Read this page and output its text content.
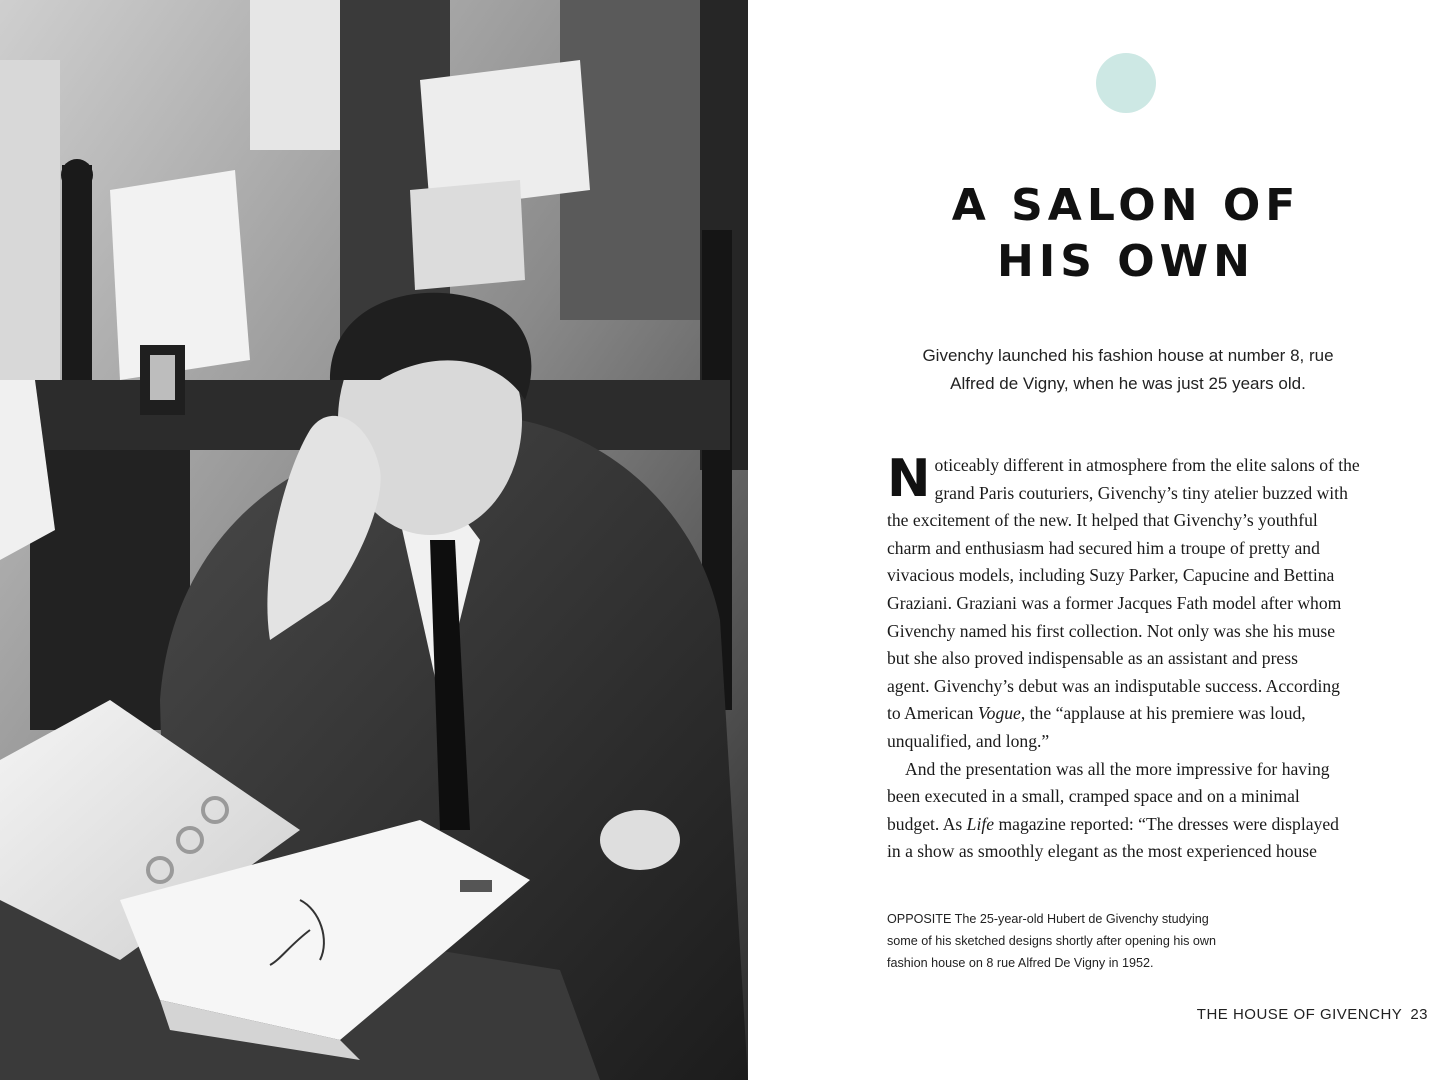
A SALON OF
HIS OWN

Givenchy launched his fashion house at number 8, rue
Alfred de Vigny, when he was just 25 years old.

N oticeably different in atmosphere from the elite salons of the
grand Paris couturiers, Givenchy’s tiny atelier buzzed with
the excitement of the new. It helped that Givenchy’s youthful
charm and enthusiasm had secured him a troupe of pretty and
vivacious models, including Suzy Parker, Capucine and Bettina
Graziani. Graziani was a former Jacques Fath model after whom
Givenchy named his first collection. Not only was she his muse
but she also proved indispensable as an assistant and press
agent. Givenchy’s debut was an indisputable success. According
to American Vogue, the “applause at his premiere was loud,
unqualified, and long.”
And the presentation was all the more impressive for having
been executed in a small, cramped space and on a minimal
budget. As Life magazine reported: “The dresses were displayed
in a show as smoothly elegant as the most experienced house

OPPOSITE The 25-year-old Hubert de Givenchy studying
some of his sketched designs shortly after opening his own
fashion house on 8 rue Alfred De Vigny in 1952.

THE HOUSE OF GIVENCHY 23
